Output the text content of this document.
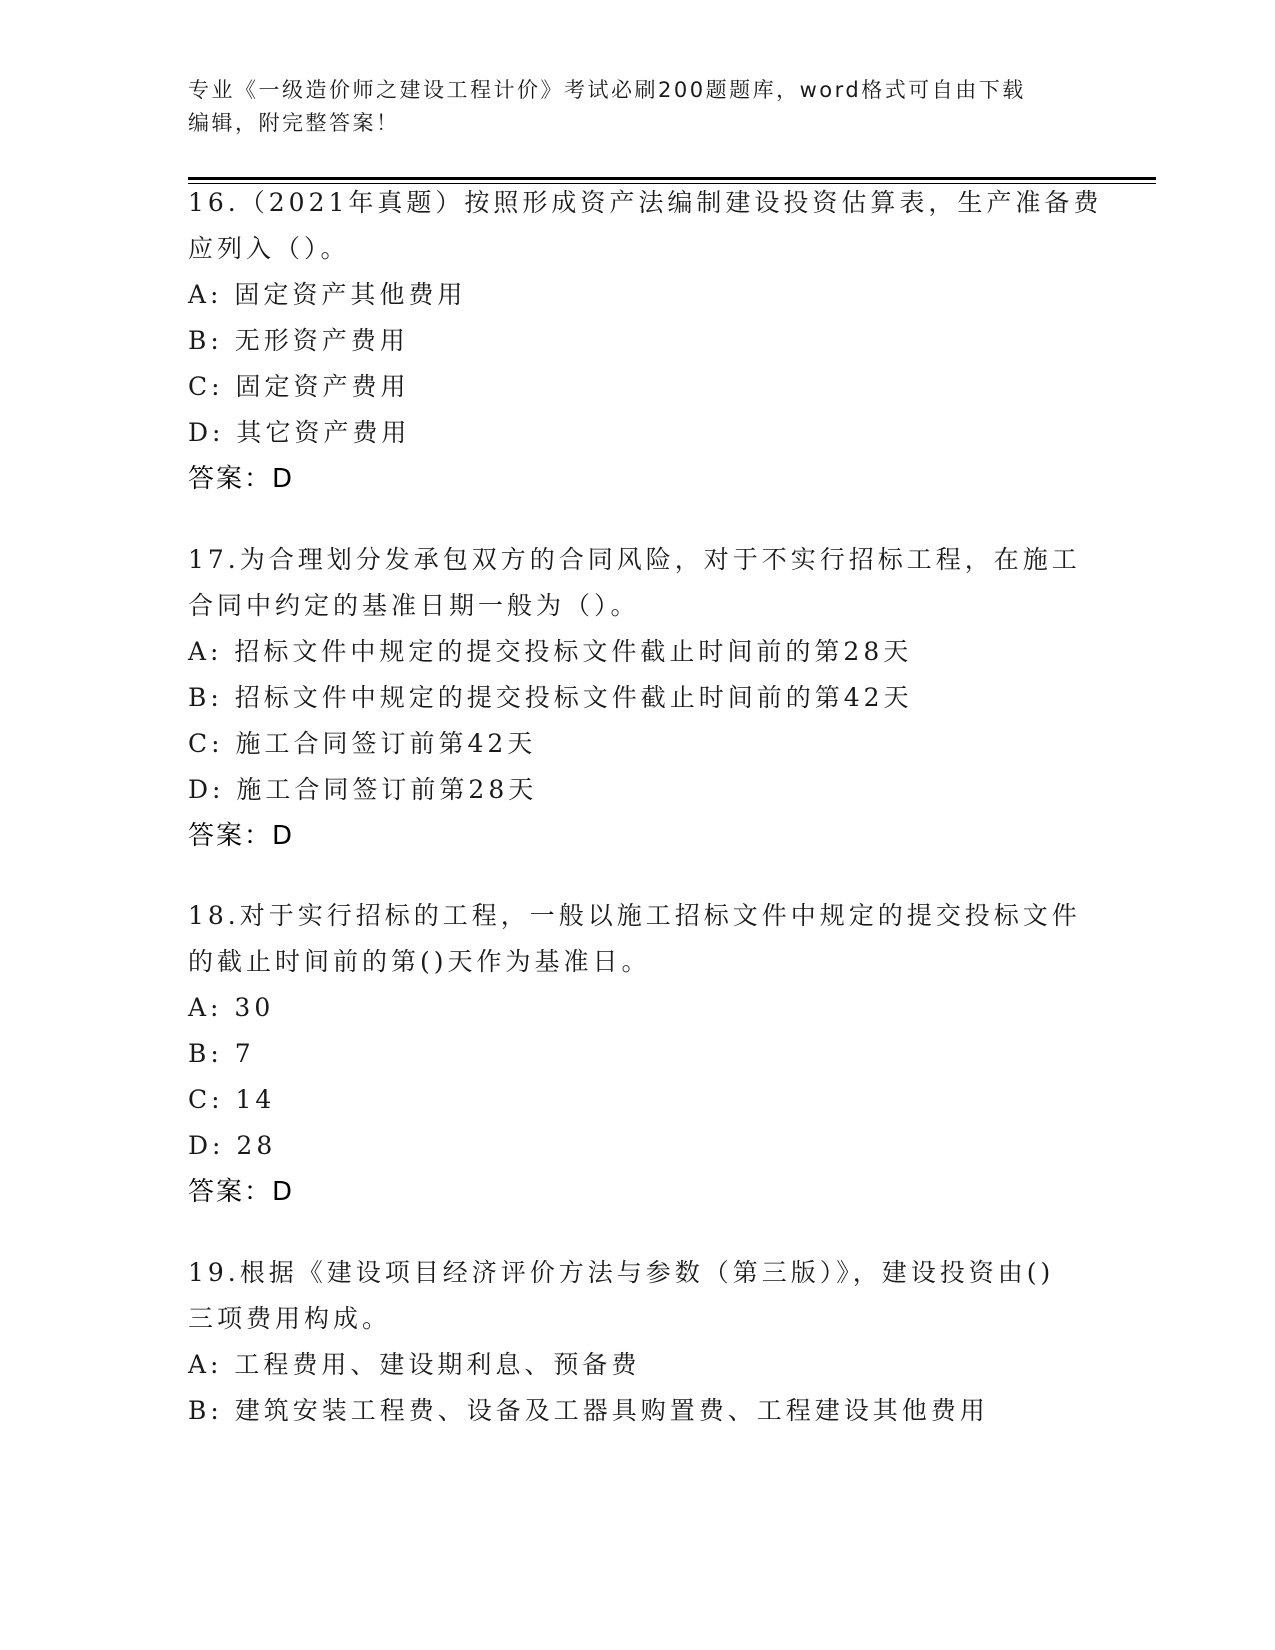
专业《一级造价师之建设工程计价》考试必刷200题题库，word格式可自由下载
编辑，附完整答案！
16.（2021年真题）按照形成资产法编制建设投资估算表，生产准备费
应列入（）。
A: 固定资产其他费用
B: 无形资产费用
C: 固定资产费用
D: 其它资产费用
答案：D
17.为合理划分发承包双方的合同风险，对于不实行招标工程，在施工
合同中约定的基准日期一般为（）。
A: 招标文件中规定的提交投标文件截止时间前的第28天
B: 招标文件中规定的提交投标文件截止时间前的第42天
C: 施工合同签订前第42天
D: 施工合同签订前第28天
答案：D
18.对于实行招标的工程，一般以施工招标文件中规定的提交投标文件
的截止时间前的第()天作为基准日。
A: 30
B: 7
C: 14
D: 28
答案：D
19.根据《建设项目经济评价方法与参数（第三版）》，建设投资由()
三项费用构成。
A: 工程费用、建设期利息、预备费
B: 建筑安装工程费、设备及工器具购置费、工程建设其他费用
